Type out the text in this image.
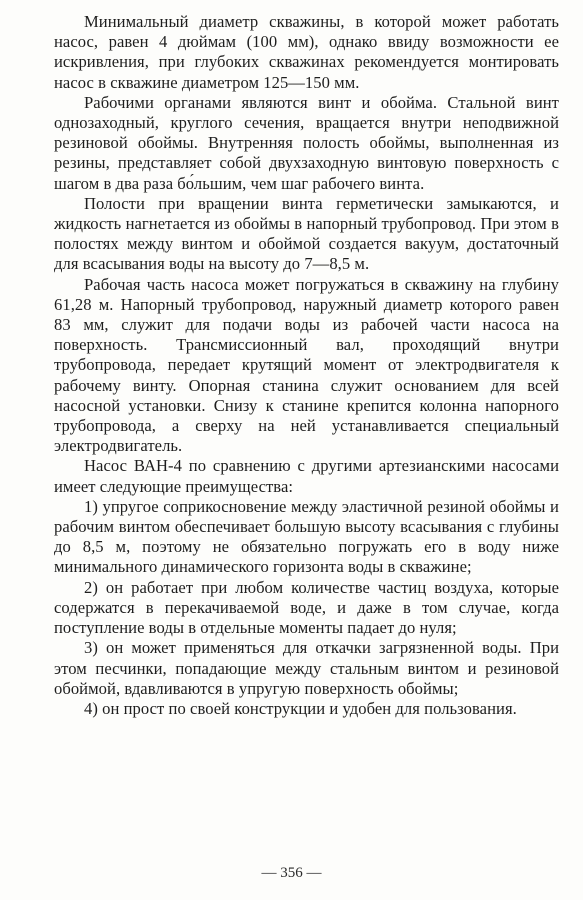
Минимальный диаметр скважины, в которой может работать насос, равен 4 дюймам (100 мм), однако ввиду возможности ее искривления, при глубоких скважинах рекомендуется монтировать насос в скважине диаметром 125—150 мм.

Рабочими органами являются винт и обойма. Стальной винт однозаходный, круглого сечения, вращается внутри неподвижной резиновой обоймы. Внутренняя полость обоймы, выполненная из резины, представляет собой двухзаходную винтовую поверхность с шагом в два раза бо́льшим, чем шаг рабочего винта.

Полости при вращении винта герметически замыкаются, и жидкость нагнетается из обоймы в напорный трубопровод. При этом в полостях между винтом и обоймой создается вакуум, достаточный для всасывания воды на высоту до 7—8,5 м.

Рабочая часть насоса может погружаться в скважину на глубину 61,28 м. Напорный трубопровод, наружный диаметр которого равен 83 мм, служит для подачи воды из рабочей части насоса на поверхность. Трансмиссионный вал, проходящий внутри трубопровода, передает крутящий момент от электродвигателя к рабочему винту. Опорная станина служит основанием для всей насосной установки. Снизу к станине крепится колонна напорного трубопровода, а сверху на ней устанавливается специальный электродвигатель.

Насос ВАН-4 по сравнению с другими артезианскими насосами имеет следующие преимущества:

1) упругое соприкосновение между эластичной резиной обоймы и рабочим винтом обеспечивает большую высоту всасывания с глубины до 8,5 м, поэтому не обязательно погружать его в воду ниже минимального динамического горизонта воды в скважине;

2) он работает при любом количестве частиц воздуха, которые содержатся в перекачиваемой воде, и даже в том случае, когда поступление воды в отдельные моменты падает до нуля;

3) он может применяться для откачки загрязненной воды. При этом песчинки, попадающие между стальным винтом и резиновой обоймой, вдавливаются в упругую поверхность обоймы;

4) он прост по своей конструкции и удобен для пользования.

— 356 —
